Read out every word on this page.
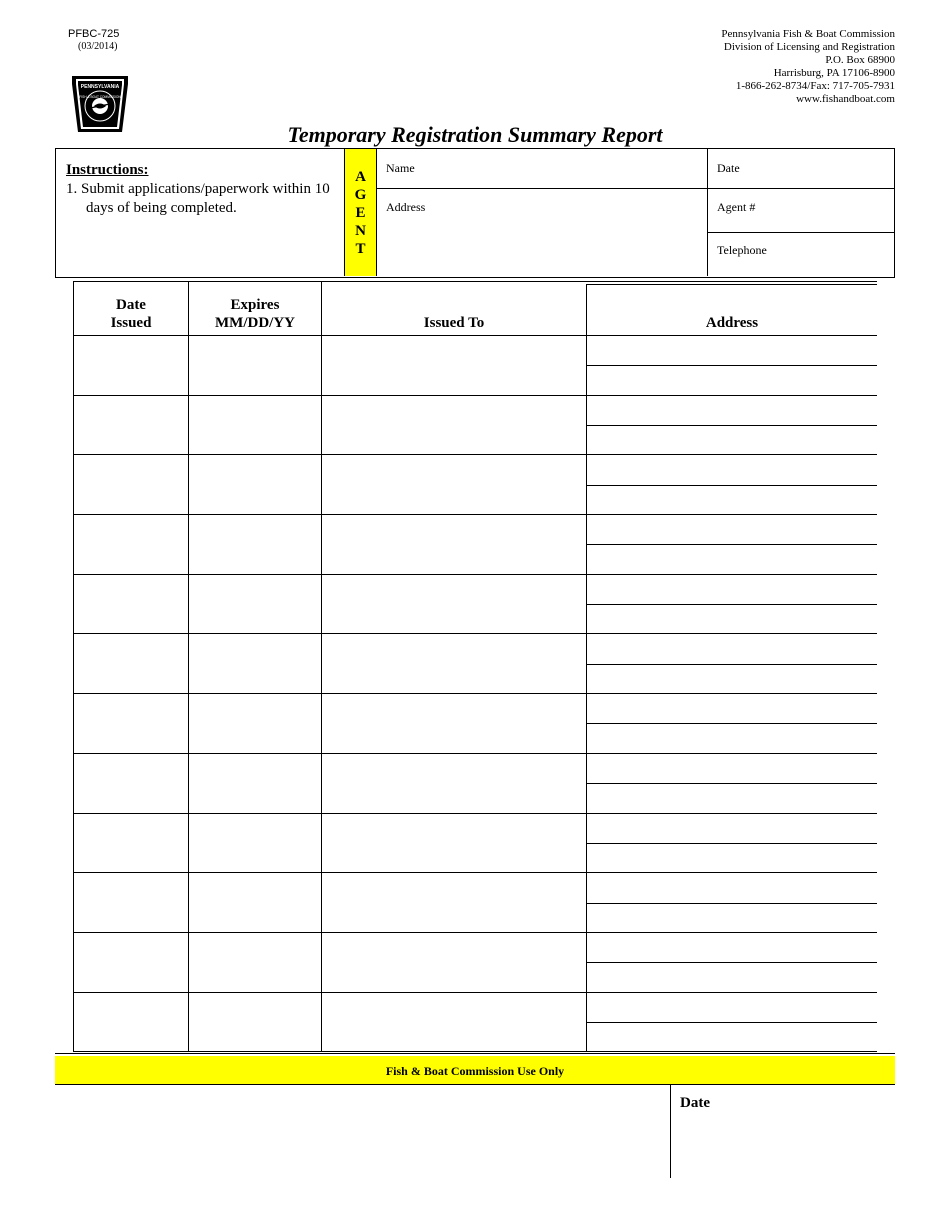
PFBC-725
(03/2014)
PENNSYLVANIA
FISH & BOAT COMMISSION
Pennsylvania Fish & Boat Commission
Division of Licensing and Registration
P.O. Box 68900
Harrisburg, PA 17106-8900
1-866-262-8734/Fax: 717-705-7931
www.fishandboat.com
Temporary Registration Summary Report
Instructions:
1. Submit applications/paperwork within 10 days of being completed.
A
G
E
N
T
Name
Address
Date
Agent #
Telephone
Date
Issued
Expires
MM/DD/YY	Issued To	Address
Fish & Boat Commission Use Only
Date
